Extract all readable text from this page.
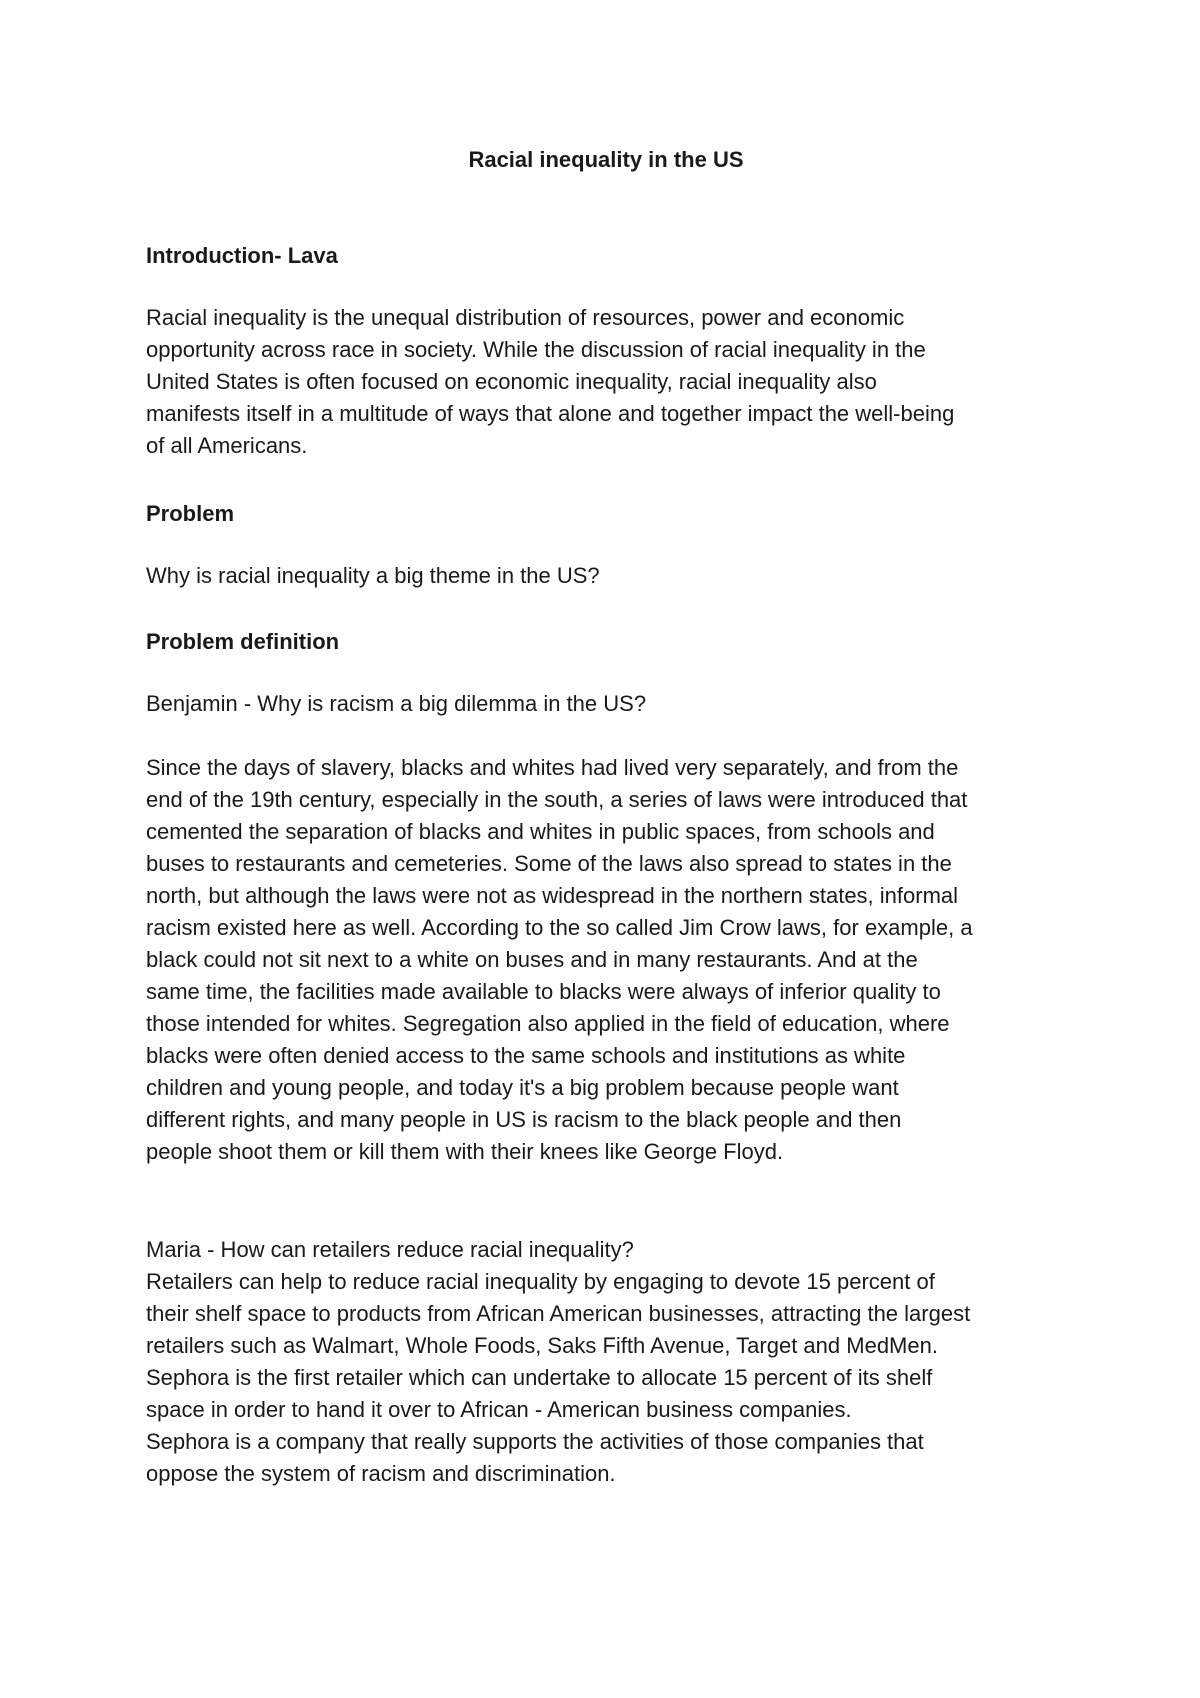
Racial inequality in the US
Introduction- Lava
Racial inequality is the unequal distribution of resources, power and economic
opportunity across race in society. While the discussion of racial inequality in the
United States is often focused on economic inequality, racial inequality also
manifests itself in a multitude of ways that alone and together impact the well-being
of all Americans.
Problem
Why is racial inequality a big theme in the US?
Problem definition
Benjamin - Why is racism a big dilemma in the US?
Since the days of slavery, blacks and whites had lived very separately, and from the
end of the 19th century, especially in the south, a series of laws were introduced that
cemented the separation of blacks and whites in public spaces, from schools and
buses to restaurants and cemeteries. Some of the laws also spread to states in the
north, but although the laws were not as widespread in the northern states, informal
racism existed here as well. According to the so called Jim Crow laws, for example, a
black could not sit next to a white on buses and in many restaurants. And at the
same time, the facilities made available to blacks were always of inferior quality to
those intended for whites. Segregation also applied in the field of education, where
blacks were often denied access to the same schools and institutions as white
children and young people, and today it's a big problem because people want
different rights, and many people in US is racism to the black people and then
people shoot them or kill them with their knees like George Floyd.
Maria - How can retailers reduce racial inequality?
Retailers can help to reduce racial inequality by engaging to devote 15 percent of
their shelf space to products from African American businesses, attracting the largest
retailers such as Walmart, Whole Foods, Saks Fifth Avenue, Target and MedMen.
Sephora is the first retailer which can undertake to allocate 15 percent of its shelf
space in order to hand it over to African - American business companies.
Sephora is a company that really supports the activities of those companies that
oppose the system of racism and discrimination.
